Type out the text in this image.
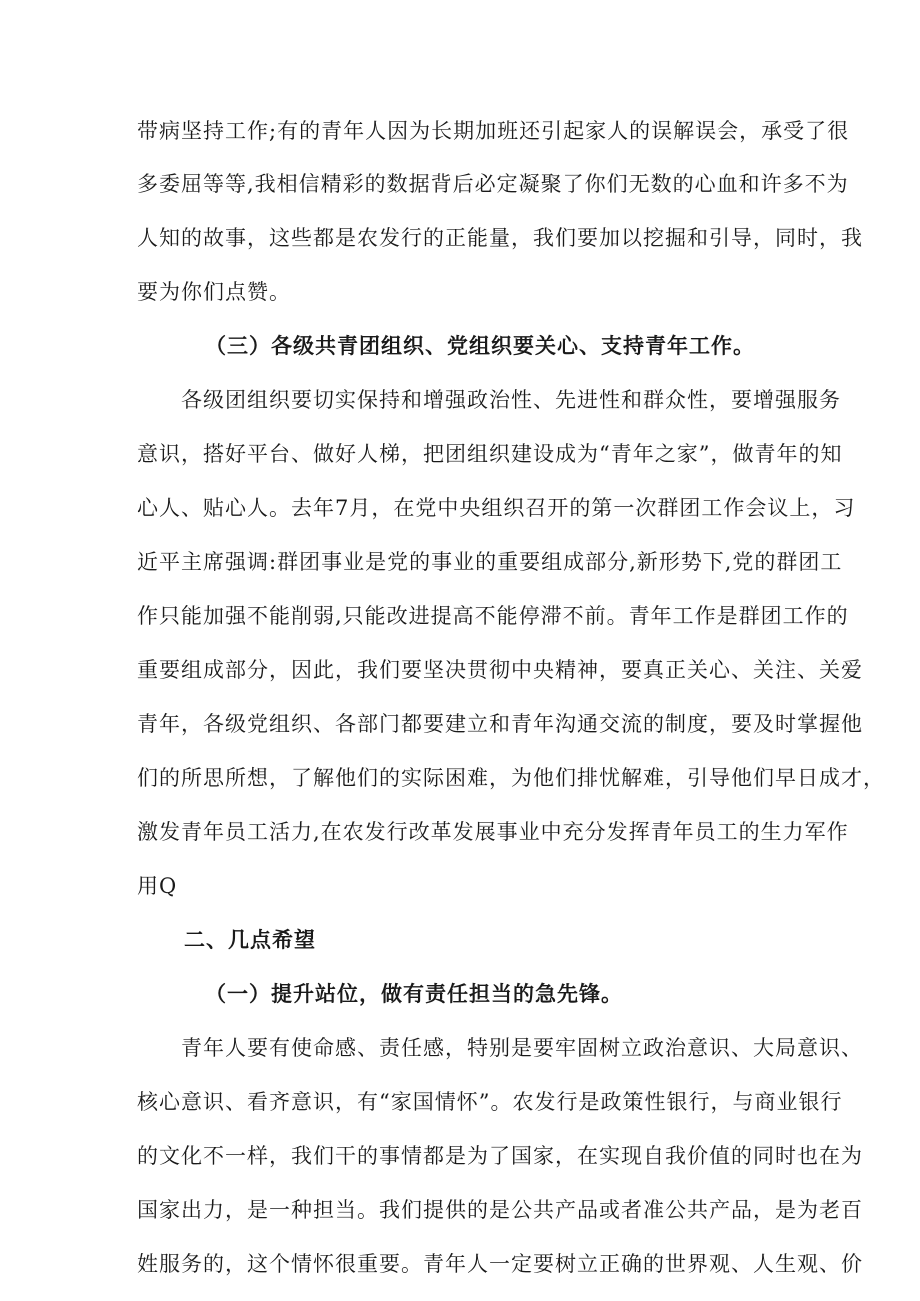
带病坚持工作;有的青年人因为长期加班还引起家人的误解误会，承受了很
多委屈等等,我相信精彩的数据背后必定凝聚了你们无数的心血和许多不为
人知的故事，这些都是农发行的正能量，我们要加以挖掘和引导，同时，我
要为你们点赞。
（三）各级共青团组织、党组织要关心、支持青年工作。
各级团组织要切实保持和增强政治性、先进性和群众性，要增强服务
意识，搭好平台、做好人梯，把团组织建设成为“青年之家”，做青年的知
心人、贴心人。去年7月，在党中央组织召开的第一次群团工作会议上，习
近平主席强调:群团事业是党的事业的重要组成部分,新形势下,党的群团工
作只能加强不能削弱,只能改进提高不能停滞不前。青年工作是群团工作的
重要组成部分，因此，我们要坚决贯彻中央精神，要真正关心、关注、关爱
青年，各级党组织、各部门都要建立和青年沟通交流的制度，要及时掌握他
们的所思所想，了解他们的实际困难，为他们排忧解难，引导他们早日成才，
激发青年员工活力,在农发行改革发展事业中充分发挥青年员工的生力军作
用Q
二、几点希望
（一）提升站位，做有责任担当的急先锋。
青年人要有使命感、责任感，特别是要牢固树立政治意识、大局意识、
核心意识、看齐意识，有“家国情怀”。农发行是政策性银行，与商业银行
的文化不一样，我们干的事情都是为了国家，在实现自我价值的同时也在为
国家出力，是一种担当。我们提供的是公共产品或者准公共产品，是为老百
姓服务的，这个情怀很重要。青年人一定要树立正确的世界观、人生观、价
